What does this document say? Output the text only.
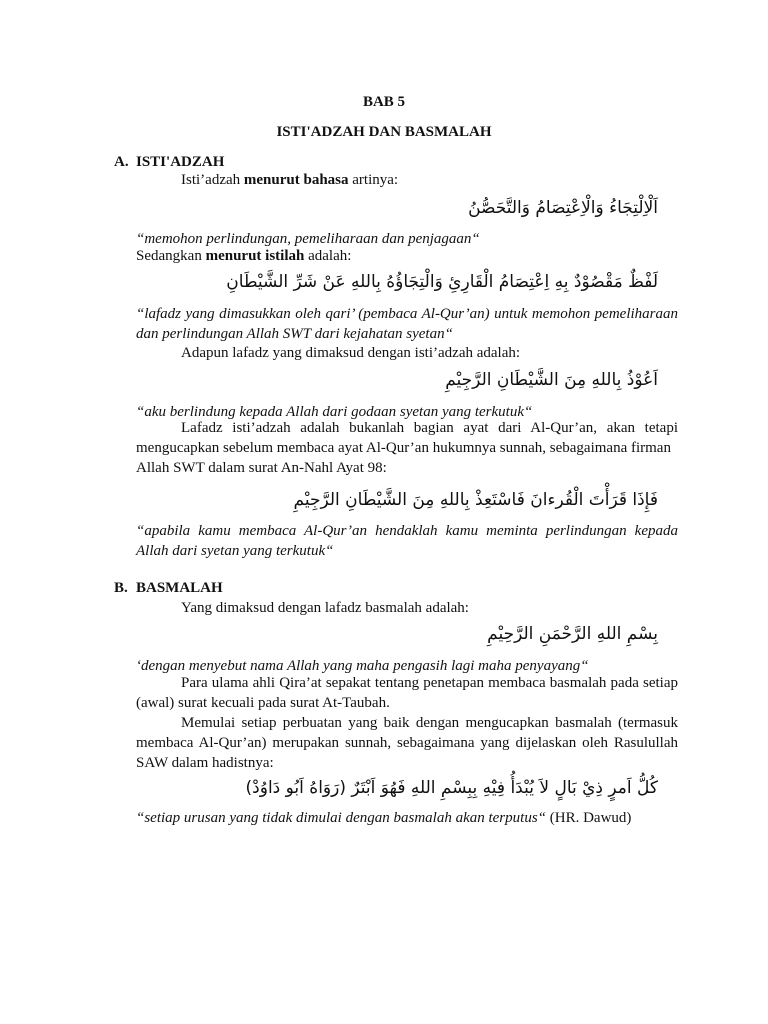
BAB 5
ISTI'ADZAH DAN BASMALAH
A. ISTI'ADZAH
Isti’adzah menurut bahasa artinya:
اَلْاِلْتِجَاءُ وَالْاِعْتِصَامُ وَالتَّحَصُّنُ
“memohon perlindungan, pemeliharaan dan penjagaan“
Sedangkan menurut istilah adalah:
لَفْظٌ مَقْصُوْدٌ بِهِ اِعْتِصَامُ الْقَارِئِ وَالْتِجَاؤُهُ بِاللهِ عَنْ شَرِّ الشَّيْطَانِ
“lafadz yang dimasukkan oleh qari’ (pembaca Al-Qur’an) untuk memohon pemeliharaan
dan perlindungan Allah SWT dari kejahatan syetan“
Adapun lafadz yang dimaksud dengan isti’adzah adalah:
اَعُوْذُ بِاللهِ مِنَ الشَّيْطَانِ الرَّجِيْمِ
“aku berlindung kepada Allah dari godaan syetan yang terkutuk“
Lafadz isti’adzah adalah bukanlah bagian ayat dari Al-Qur’an, akan tetapi
mengucapkan sebelum membaca ayat Al-Qur’an hukumnya sunnah, sebagaimana firman
Allah SWT dalam surat An-Nahl Ayat 98:
فَإِذَا قَرَأْتَ الْقُرءانَ فَاسْتَعِذْ بِاللهِ مِنَ الشَّيْطَانِ الرَّجِيْمِ
“apabila kamu membaca Al-Qur’an hendaklah kamu meminta perlindungan kepada
Allah dari syetan yang terkutuk“
B. BASMALAH
Yang dimaksud dengan lafadz basmalah adalah:
بِسْمِ اللهِ الرَّحْمَنِ الرَّحِيْمِ
‘dengan menyebut nama Allah yang maha pengasih lagi maha penyayang“
Para ulama ahli Qira’at sepakat tentang penetapan membaca basmalah pada setiap
(awal) surat kecuali pada surat At-Taubah.
Memulai setiap perbuatan yang baik dengan mengucapkan basmalah (termasuk
membaca Al-Qur’an) merupakan sunnah, sebagaimana yang dijelaskan oleh Rasulullah
SAW dalam hadistnya:
كُلُّ اَمرٍ ذِيْ بَالٍ لاَ يُبْدَأُ فِيْهِ بِبِسْمِ اللهِ فَهُوَ اَبْتَرٌ (رَوَاهُ اَبُو دَاوُدْ)
“setiap urusan yang tidak dimulai dengan basmalah akan terputus“ (HR. Dawud)
